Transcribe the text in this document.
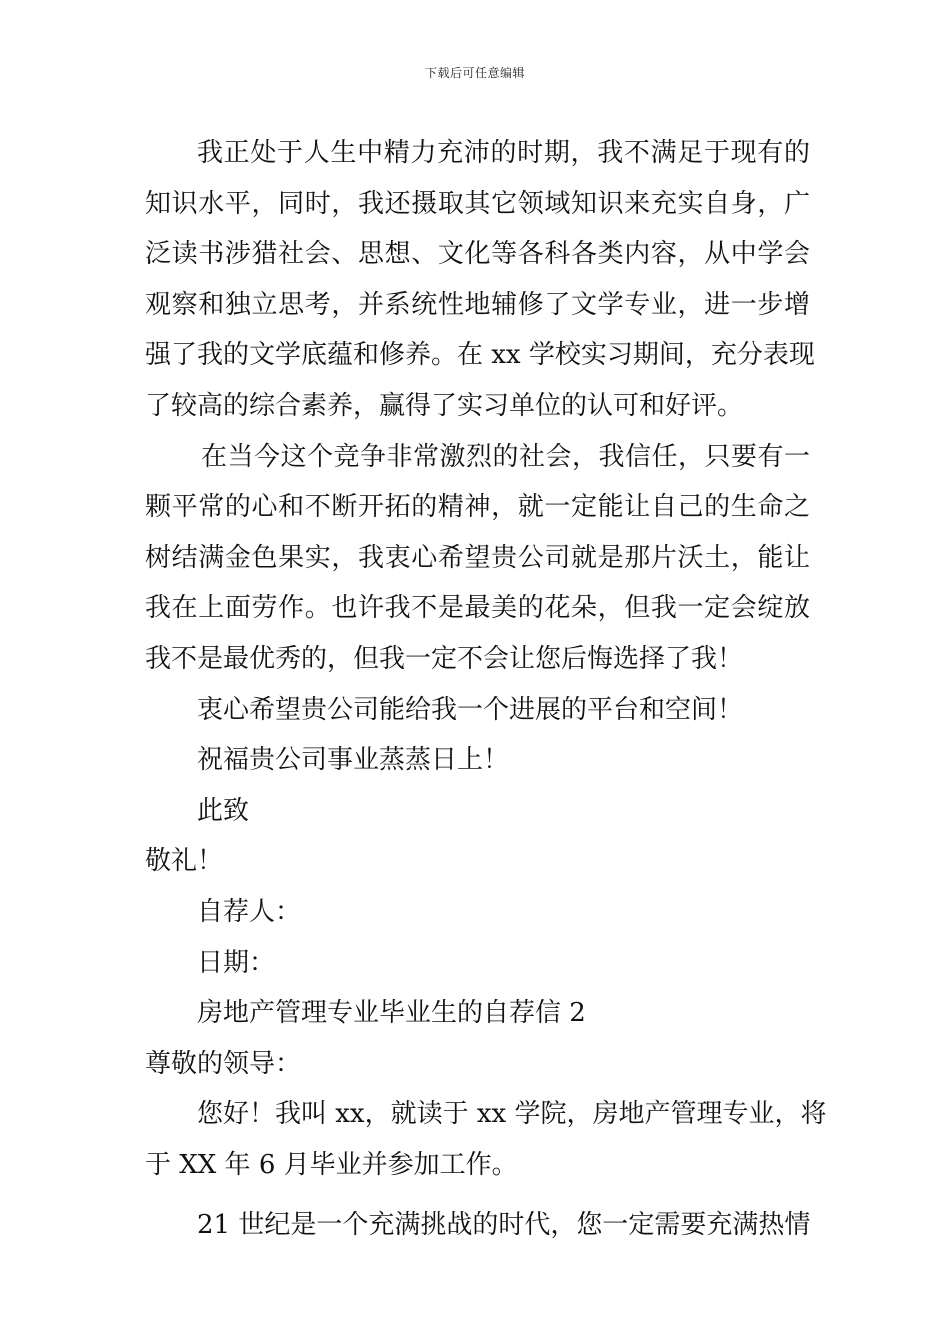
下载后可任意编辑
我正处于人生中精力充沛的时期，我不满足于现有的
知识水平，同时，我还摄取其它领域知识来充实自身，广
泛读书涉猎社会、思想、文化等各科各类内容，从中学会
观察和独立思考，并系统性地辅修了文学专业，进一步增
强了我的文学底蕴和修养。在 xx 学校实习期间，充分表现
了较高的综合素养，赢得了实习单位的认可和好评。
在当今这个竞争非常激烈的社会，我信任，只要有一
颗平常的心和不断开拓的精神，就一定能让自己的生命之
树结满金色果实，我衷心希望贵公司就是那片沃土，能让
我在上面劳作。也许我不是最美的花朵，但我一定会绽放
我不是最优秀的，但我一定不会让您后悔选择了我！
衷心希望贵公司能给我一个进展的平台和空间！
祝福贵公司事业蒸蒸日上！
此致
敬礼！
自荐人：
日期：
房地产管理专业毕业生的自荐信 2
尊敬的领导：
您好！我叫 xx，就读于 xx 学院，房地产管理专业，将
于 XX 年 6 月毕业并参加工作。
21 世纪是一个充满挑战的时代，您一定需要充满热情
